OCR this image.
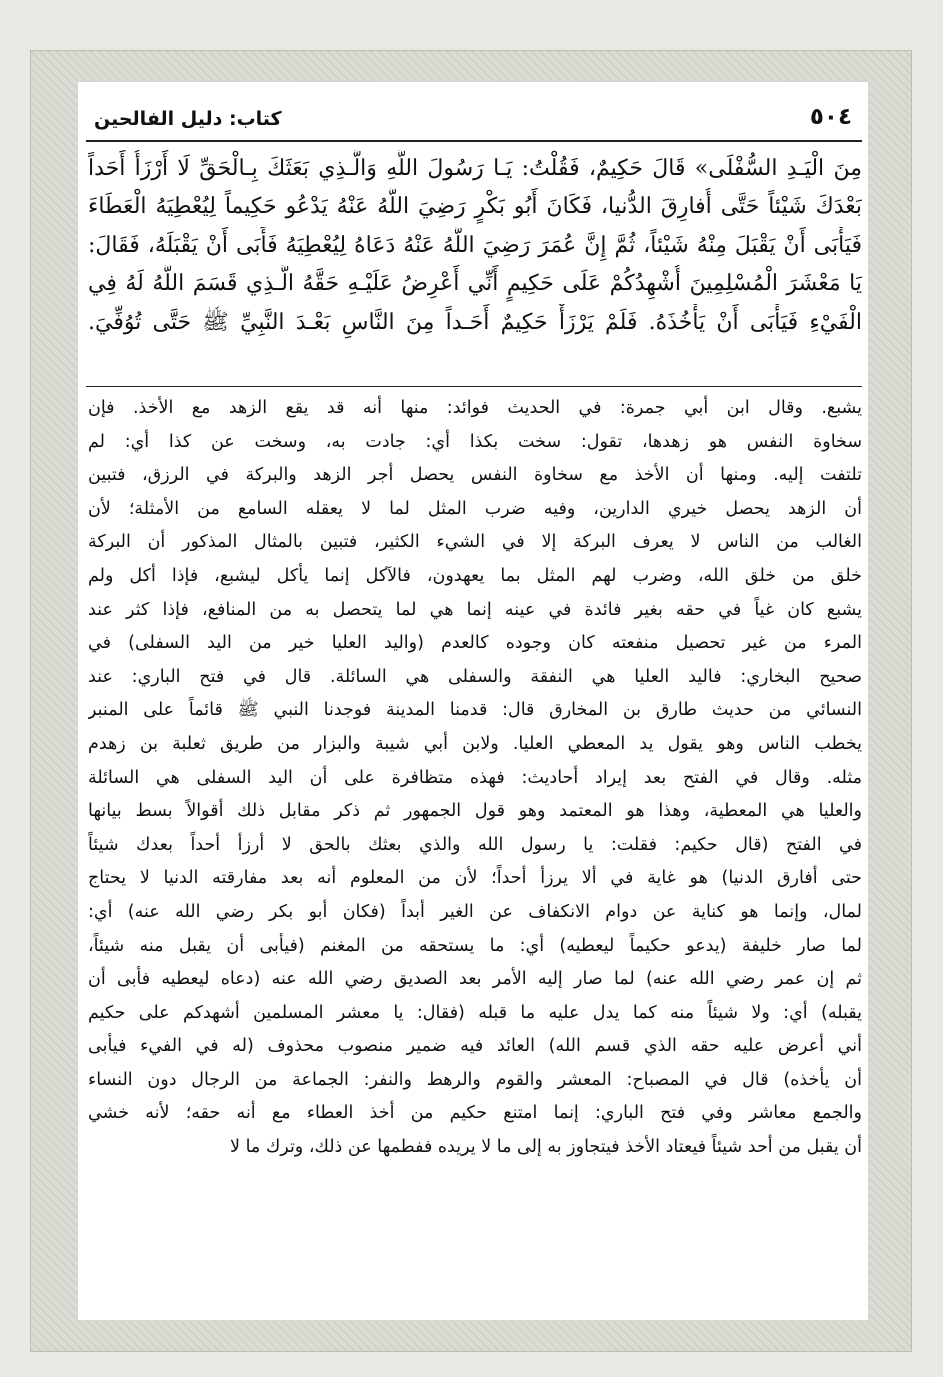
٥٠٤
كتاب: دليل الفالحين
مِنَ الْيَـدِ السُّفْلَى» قَالَ حَكِيمٌ، فَقُلْتُ: يَـا رَسُولَ اللَّهِ وَالَّـذِي بَعَثَكَ بِـالْحَقِّ لَا أَرْزَأُ أَحَداً
بَعْدَكَ شَيْئاً حَتَّى أُفارِقَ الدُّنيا، فَكَانَ أَبُو بَكْرٍ رَضِيَ اللَّهُ عَنْهُ يَدْعُو حَكِيماً لِيُعْطِيَهُ الْعَطَاءَ
فَيَأْبَى أَنْ يَقْبَلَ مِنْهُ شَيْئاً، ثُمَّ إِنَّ عُمَرَ رَضِيَ اللَّهُ عَنْهُ دَعَاهُ لِيُعْطِيَهُ فَأَبَى أَنْ يَقْبَلَهُ، فَقَالَ:
يَا مَعْشَرَ الْمُسْلِمِينَ أُشْهِدُكُمْ عَلَى حَكِيمٍ أَنِّي أَعْرِضُ عَلَيْـهِ حَقَّهُ الَّـذِي قَسَمَ اللَّهُ لَهُ فِي
الْفَيْءِ فَيَأْبَى أَنْ يَأْخُذَهُ. فَلَمْ يَرْزَأْ حَكِيمٌ أَحَـداً مِنَ النَّاسِ بَعْـدَ النَّبِيِّ ﷺ حَتَّى تُوُفِّيَ.
يشبع. وقال ابن أبي جمرة: في الحديث فوائد: منها أنه قد يقع الزهد مع الأخذ. فإن
سخاوة النفس هو زهدها، تقول: سخت بكذا أي: جادت به، وسخت عن كذا أي: لم
تلتفت إليه. ومنها أن الأخذ مع سخاوة النفس يحصل أجر الزهد والبركة في الرزق، فتبين
أن الزهد يحصل خيري الدارين، وفيه ضرب المثل لما لا يعقله السامع من الأمثلة؛ لأن
الغالب من الناس لا يعرف البركة إلا في الشيء الكثير، فتبين بالمثال المذكور أن البركة
خلق من خلق الله، وضرب لهم المثل بما يعهدون، فالآكل إنما يأكل ليشبع، فإذا أكل ولم
يشبع كان غياً في حقه بغير فائدة في عينه إنما هي لما يتحصل به من المنافع، فإذا كثر عند
المرء من غير تحصيل منفعته كان وجوده كالعدم (واليد العليا خير من اليد السفلى) في
صحيح البخاري: فاليد العليا هي النفقة والسفلى هي السائلة. قال في فتح الباري: عند
النسائي من حديث طارق بن المخارق قال: قدمنا المدينة فوجدنا النبي ﷺ قائماً على المنبر
يخطب الناس وهو يقول يد المعطي العليا. ولابن أبي شيبة والبزار من طريق ثعلبة بن زهدم
مثله. وقال في الفتح بعد إيراد أحاديث: فهذه متظافرة على أن اليد السفلى هي السائلة
والعليا هي المعطية، وهذا هو المعتمد وهو قول الجمهور ثم ذكر مقابل ذلك أقوالاً بسط بيانها
في الفتح (قال حكيم: فقلت: يا رسول الله والذي بعثك بالحق لا أرزأ أحداً بعدك شيئاً
حتى أفارق الدنيا) هو غاية في ألا يرزأ أحداً؛ لأن من المعلوم أنه بعد مفارقته الدنيا لا يحتاج
لمال، وإنما هو كناية عن دوام الانكفاف عن الغير أبداً (فكان أبو بكر رضي الله عنه) أي:
لما صار خليفة (يدعو حكيماً ليعطيه) أي: ما يستحقه من المغنم (فيأبى أن يقبل منه شيئاً،
ثم إن عمر رضي الله عنه) لما صار إليه الأمر بعد الصديق رضي الله عنه (دعاه ليعطيه فأبى أن
يقبله) أي: ولا شيئاً منه كما يدل عليه ما قبله (فقال: يا معشر المسلمين أشهدكم على حكيم
أني أعرض عليه حقه الذي قسم الله) العائد فيه ضمير منصوب محذوف (له في الفيء فيأبى
أن يأخذه) قال في المصباح: المعشر والقوم والرهط والنفر: الجماعة من الرجال دون النساء
والجمع معاشر وفي فتح الباري: إنما امتنع حكيم من أخذ العطاء مع أنه حقه؛ لأنه خشي
أن يقبل من أحد شيئاً فيعتاد الأخذ فيتجاوز به إلى ما لا يريده ففطمها عن ذلك، وترك ما لا
